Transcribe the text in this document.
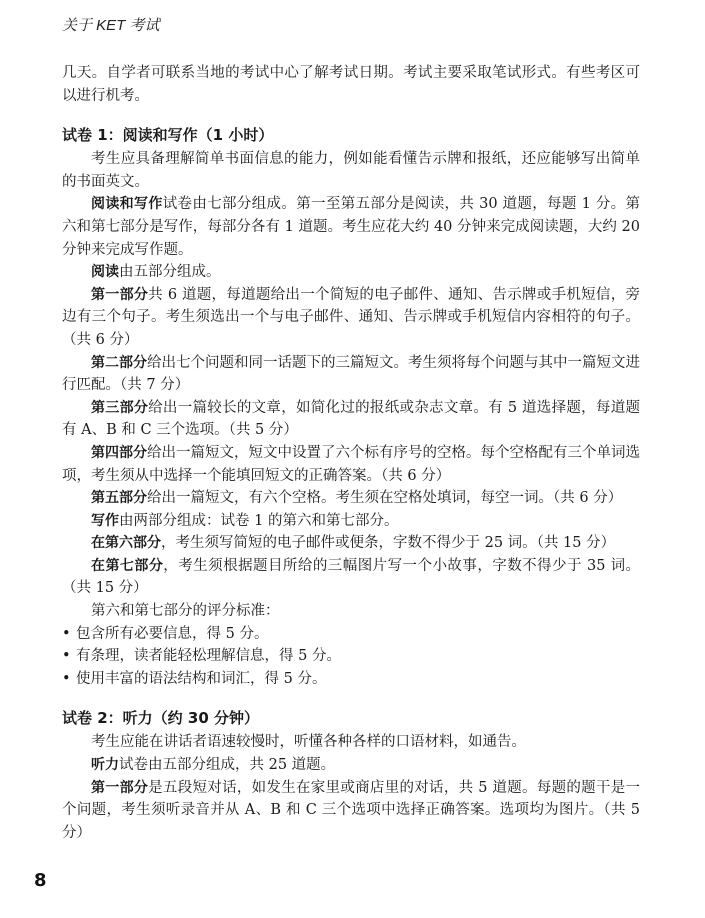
关于 KET 考试

几天。自学者可联系当地的考试中心了解考试日期。考试主要采取笔试形式。有些考区可以进行机考。

试卷 1：阅读和写作（1 小时）

考生应具备理解简单书面信息的能力，例如能看懂告示牌和报纸，还应能够写出简单的书面英文。

阅读和写作试卷由七部分组成。第一至第五部分是阅读，共 30 道题，每题 1 分。第六和第七部分是写作，每部分各有 1 道题。考生应花大约 40 分钟来完成阅读题，大约 20 分钟来完成写作题。

阅读由五部分组成。

第一部分共 6 道题，每道题给出一个简短的电子邮件、通知、告示牌或手机短信，旁边有三个句子。考生须选出一个与电子邮件、通知、告示牌或手机短信内容相符的句子。（共 6 分）

第二部分给出七个问题和同一话题下的三篇短文。考生须将每个问题与其中一篇短文进行匹配。（共 7 分）

第三部分给出一篇较长的文章，如简化过的报纸或杂志文章。有 5 道选择题，每道题有 A、B 和 C 三个选项。（共 5 分）

第四部分给出一篇短文，短文中设置了六个标有序号的空格。每个空格配有三个单词选项，考生须从中选择一个能填回短文的正确答案。（共 6 分）

第五部分给出一篇短文，有六个空格。考生须在空格处填词，每空一词。（共 6 分）

写作由两部分组成：试卷 1 的第六和第七部分。

在第六部分，考生须写简短的电子邮件或便条，字数不得少于 25 词。（共 15 分）

在第七部分，考生须根据题目所给的三幅图片写一个小故事，字数不得少于 35 词。（共 15 分）

第六和第七部分的评分标准：

• 包含所有必要信息，得 5 分。
• 有条理，读者能轻松理解信息，得 5 分。
• 使用丰富的语法结构和词汇，得 5 分。
试卷 2：听力（约 30 分钟）

考生应能在讲话者语速较慢时，听懂各种各样的口语材料，如通告。

听力试卷由五部分组成，共 25 道题。

第一部分是五段短对话，如发生在家里或商店里的对话，共 5 道题。每题的题干是一个问题，考生须听录音并从 A、B 和 C 三个选项中选择正确答案。选项均为图片。（共 5 分）

8
